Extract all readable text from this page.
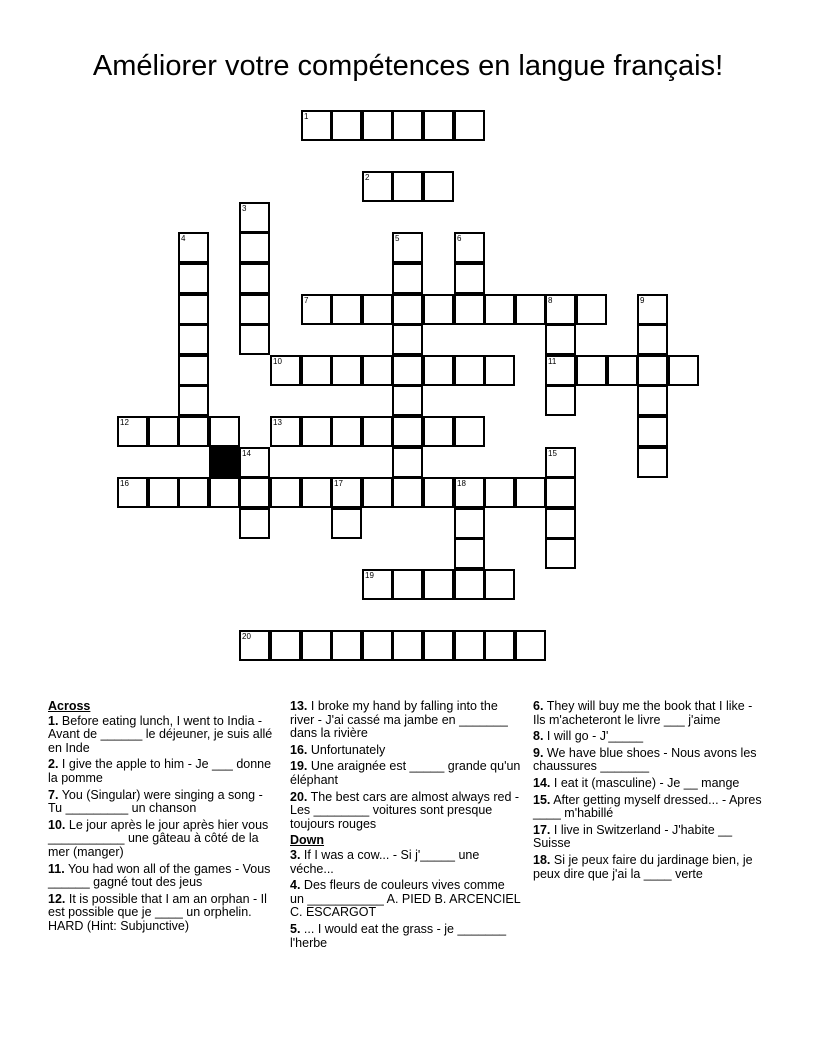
Améliorer votre compétences en langue français!
1
2
3
4	5	6
7	8	9
10	11
12	13
14	15
16	17	18
19
20

Across

1. Before eating lunch, I went to India - Avant de ______ le déjeuner, je suis allé en Inde

2. I give the apple to him - Je ___ donne la pomme

7. You (Singular) were singing a song - Tu _________ un chanson

10. Le jour après le jour après hier vous ___________ une gâteau à côté de la mer (manger)

11. You had won all of the games - Vous ______ gagné tout des jeus

12. It is possible that I am an orphan - Il est possible que je ____ un orphelin. HARD (Hint: Subjunctive)

13. I broke my hand by falling into the river - J'ai cassé ma jambe en _______ dans la rivière

16. Unfortunately

19. Une araignée est _____ grande qu'un éléphant

20. The best cars are almost always red - Les ________ voitures sont presque toujours rouges

Down

3. If I was a cow... - Si j'_____ une véche...

4. Des fleurs de couleurs vives comme un ___________ A. PIED B. ARCENCIEL C. ESCARGOT

5. ... I would eat the grass - je _______ l'herbe

6. They will buy me the book that I like - Ils m'acheteront le livre ___ j'aime

8. I will go - J'_____

9. We have blue shoes - Nous avons les chaussures _______

14. I eat it (masculine) - Je __ mange

15. After getting myself dressed... - Apres ____ m'habillé

17. I live in Switzerland - J'habite __ Suisse

18. Si je peux faire du jardinage bien, je peux dire que j'ai la ____ verte
